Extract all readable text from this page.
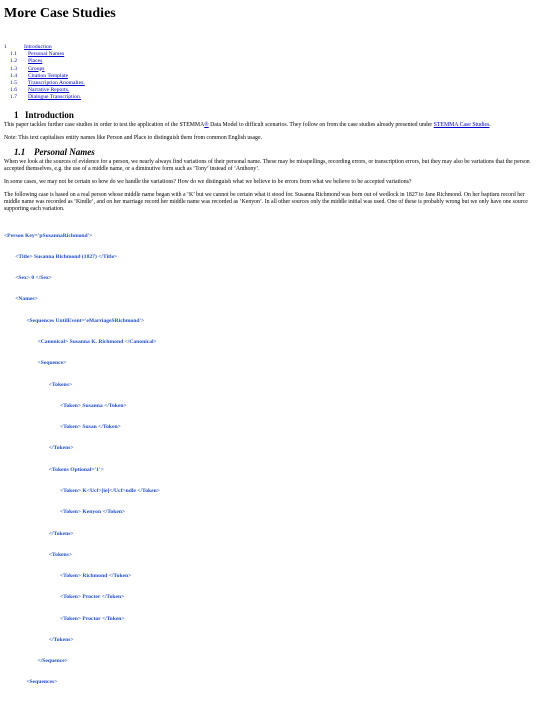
More Case Studies
1	Introduction
1.1 Personal Names
1.2 Places
1.3 Groups
1.4 Citation Template
1.5 Transcription Anomalies.
1.6 Narrative Reports.
1.7 Dialogue Transcription.
1 Introduction

This paper tackles further case studies in order to test the application of the STEMMA® Data Model to difficult scenarios. They follow on from the case studies already presented under STEMMA Case Studies.

Note: This text capitalises entity names like Person and Place to distinguish them from common English usage.

1.1 Personal Names

When we look at the sources of evidence for a person, we nearly always find variations of their personal name. These may be misspellings, recording errors, or transcription errors, but they may also be variations that the person accepted themselves, e.g. the use of a middle name, or a diminutive form such as ‘Tony’ instead of ‘Anthony’.

In some cases, we may not be certain so how do we handle the variations? How do we distinguish what we believe to be errors from what we believe to be accepted variations?

The following case is based on a real person whose middle name began with a ‘K’ but we cannot be certain what it stood for. Susanna Richmond was born out of wedlock in 1827 to Jane Richmond. On her baptism record her middle name was recorded as ‘Kindle’, and on her marriage record her middle name was recorded as ‘Kenyon’. In all other sources only the middle initial was used. One of these is probably wrong but we only have one source supporting each variation.

<Person Key='pSusannaRichmond'>

<Title> Susanna Richmond (1827) </Title>

<Sex> 0 </Sex>

<Names>

<Sequences UntilEvent='eMarriageSRichmond'>

<Canonical> Susanna K. Richmond </Canonical>

<Sequence>

<Tokens>

<Token> Susanna </Token>

<Token> Susan </Token>

</Tokens>

<Tokens Optional='1'>

<Token> K<Ucf>[ie]</Ucf>ndle </Token>

<Token> Kenyon </Token>

</Tokens>

<Tokens>

<Token> Richmond </Token>

<Token> Procter </Token>

<Token> Proctor </Token>

</Tokens>

</Sequence>

<Sequences>
